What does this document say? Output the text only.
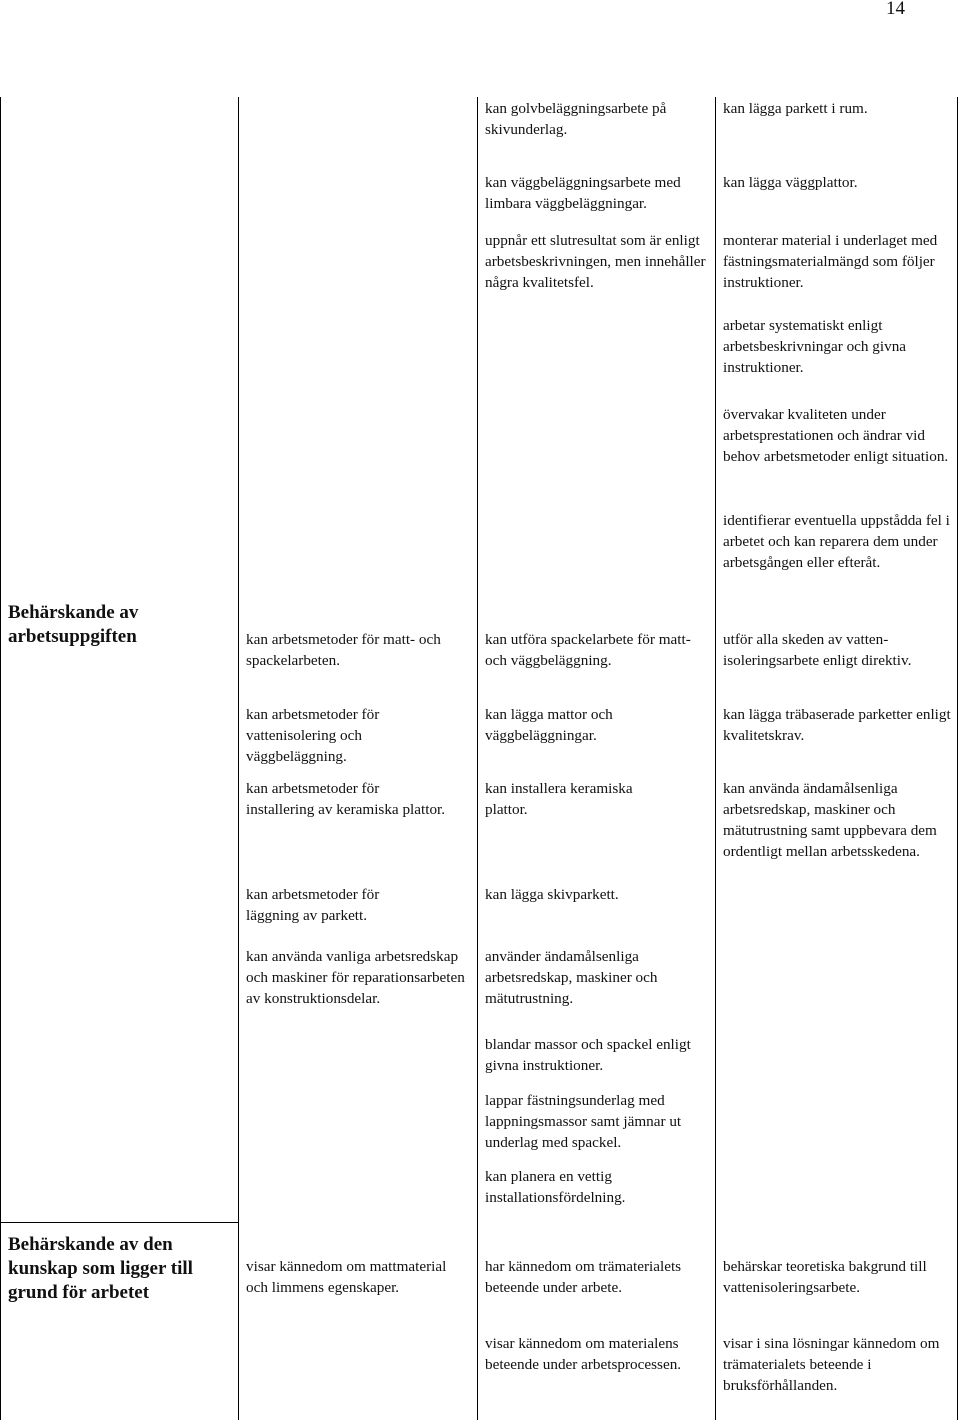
14
Behärskande av arbetsuppgiften
Behärskande av den kunskap som ligger till grund för arbetet
kan arbetsmetoder för matt- och spackelarbeten.
kan arbetsmetoder för vattenisolering och väggbeläggning.
kan arbetsmetoder för installering av keramiska plattor.
kan arbetsmetoder för läggning av parkett.
kan använda vanliga arbetsredskap och maskiner för reparationsarbeten av konstruktionsdelar.
visar kännedom om mattmaterial och limmens egenskaper.
kan golvbeläggningsarbete på skivunderlag.
kan väggbeläggningsarbete med limbara väggbeläggningar.
uppnår ett slutresultat som är enligt arbetsbeskrivningen, men innehåller några kvalitetsfel.
kan utföra spackelarbete för matt- och väggbeläggning.
kan lägga mattor och väggbeläggningar.
kan installera keramiska plattor.
kan lägga skivparkett.
använder ändamålsenliga arbetsredskap, maskiner och mätutrustning.
blandar massor och spackel enligt givna instruktioner.
lappar fästningsunderlag med lappningsmassor samt jämnar ut underlag med spackel.
kan planera en vettig installationsfördelning.
har kännedom om trämaterialets beteende under arbete.
visar kännedom om materialens beteende under arbetsprocessen.
kan lägga parkett i rum.
kan lägga väggplattor.
monterar material i underlaget med fästningsmaterialmängd som följer instruktioner.
arbetar systematiskt enligt arbetsbeskrivningar och givna instruktioner.
övervakar kvaliteten under arbetsprestationen och ändrar vid behov arbetsmetoder enligt situation.
identifierar eventuella uppstådda fel i arbetet och kan reparera dem under arbetsgången eller efteråt.
utför alla skeden av vatten-isoleringsarbete enligt direktiv.
kan lägga träbaserade parketter enligt kvalitetskrav.
kan använda ändamålsenliga arbetsredskap, maskiner och mätutrustning samt uppbevara dem ordentligt mellan arbetsskedena.
behärskar teoretiska bakgrund till vattenisoleringsarbete.
visar i sina lösningar kännedom om trämaterialets beteende i bruksförhållanden.
